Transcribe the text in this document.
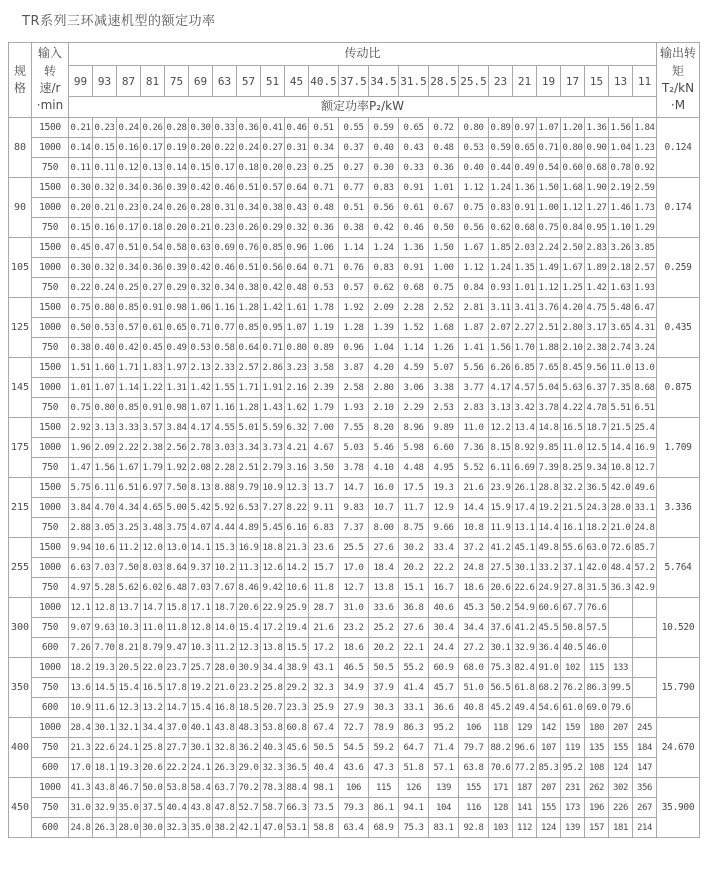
TR系列三环减速机型的额定功率
规
格	输入
转
速/r
·min	传动比																							输出转
矩
T₂/kN
·M
		99	93	87	81	75	69	63	57	51	45	40.5	37.5	34.5	31.5	28.5	25.5	23	21	19	17	15	13	11	
		额定功率P₂/kW																							
80	1500	0.21	0.23	0.24	0.26	0.28	0.30	0.33	0.36	0.41	0.46	0.51	0.55	0.59	0.65	0.72	0.80	0.89	0.97	1.07	1.20	1.36	1.56	1.84	0.124
	1000	0.14	0.15	0.16	0.17	0.19	0.20	0.22	0.24	0.27	0.31	0.34	0.37	0.40	0.43	0.48	0.53	0.59	0.65	0.71	0.80	0.90	1.04	1.23	
	750	0.11	0.11	0.12	0.13	0.14	0.15	0.17	0.18	0.20	0.23	0.25	0.27	0.30	0.33	0.36	0.40	0.44	0.49	0.54	0.60	0.68	0.78	0.92	
90	1500	0.30	0.32	0.34	0.36	0.39	0.42	0.46	0.51	0.57	0.64	0.71	0.77	0.83	0.91	1.01	1.12	1.24	1.36	1.50	1.68	1.90	2.19	2.59	0.174
	1000	0.20	0.21	0.23	0.24	0.26	0.28	0.31	0.34	0.38	0.43	0.48	0.51	0.56	0.61	0.67	0.75	0.83	0.91	1.00	1.12	1.27	1.46	1.73	
	750	0.15	0.16	0.17	0.18	0.20	0.21	0.23	0.26	0.29	0.32	0.36	0.38	0.42	0.46	0.50	0.56	0.62	0.68	0.75	0.84	0.95	1.10	1.29	
105	1500	0.45	0.47	0.51	0.54	0.58	0.63	0.69	0.76	0.85	0.96	1.06	1.14	1.24	1.36	1.50	1.67	1.85	2.03	2.24	2.50	2.83	3.26	3.85	0.259
	1000	0.30	0.32	0.34	0.36	0.39	0.42	0.46	0.51	0.56	0.64	0.71	0.76	0.83	0.91	1.00	1.12	1.24	1.35	1.49	1.67	1.89	2.18	2.57	
	750	0.22	0.24	0.25	0.27	0.29	0.32	0.34	0.38	0.42	0.48	0.53	0.57	0.62	0.68	0.75	0.84	0.93	1.01	1.12	1.25	1.42	1.63	1.93	
125	1500	0.75	0.80	0.85	0.91	0.98	1.06	1.16	1.28	1.42	1.61	1.78	1.92	2.09	2.28	2.52	2.81	3.11	3.41	3.76	4.20	4.75	5.48	6.47	0.435
	1000	0.50	0.53	0.57	0.61	0.65	0.71	0.77	0.85	0.95	1.07	1.19	1.28	1.39	1.52	1.68	1.87	2.07	2.27	2.51	2.80	3.17	3.65	4.31	
	750	0.38	0.40	0.42	0.45	0.49	0.53	0.58	0.64	0.71	0.80	0.89	0.96	1.04	1.14	1.26	1.41	1.56	1.70	1.88	2.10	2.38	2.74	3.24	
145	1500	1.51	1.60	1.71	1.83	1.97	2.13	2.33	2.57	2.86	3.23	3.58	3.87	4.20	4.59	5.07	5.56	6.26	6.85	7.65	8.45	9.56	11.0	13.0	0.875
	1000	1.01	1.07	1.14	1.22	1.31	1.42	1.55	1.71	1.91	2.16	2.39	2.58	2.80	3.06	3.38	3.77	4.17	4.57	5.04	5.63	6.37	7.35	8.68	
	750	0.75	0.80	0.85	0.91	0.98	1.07	1.16	1.28	1.43	1.62	1.79	1.93	2.10	2.29	2.53	2.83	3.13	3.42	3.78	4.22	4.78	5.51	6.51	
175	1500	2.92	3.13	3.33	3.57	3.84	4.17	4.55	5.01	5.59	6.32	7.00	7.55	8.20	8.96	9.89	11.0	12.2	13.4	14.8	16.5	18.7	21.5	25.4	1.709
	1000	1.96	2.09	2.22	2.38	2.56	2.78	3.03	3.34	3.73	4.21	4.67	5.03	5.46	5.98	6.60	7.36	8.15	8.92	9.85	11.0	12.5	14.4	16.9	
	750	1.47	1.56	1.67	1.79	1.92	2.08	2.28	2.51	2.79	3.16	3.50	3.78	4.10	4.48	4.95	5.52	6.11	6.69	7.39	8.25	9.34	10.8	12.7	
215	1500	5.75	6.11	6.51	6.97	7.50	8.13	8.88	9.79	10.9	12.3	13.7	14.7	16.0	17.5	19.3	21.6	23.9	26.1	28.8	32.2	36.5	42.0	49.6	3.336
	1000	3.84	4.70	4.34	4.65	5.00	5.42	5.92	6.53	7.27	8.22	9.11	9.83	10.7	11.7	12.9	14.4	15.9	17.4	19.2	21.5	24.3	28.0	33.1	
	750	2.88	3.05	3.25	3.48	3.75	4.07	4.44	4.89	5.45	6.16	6.83	7.37	8.00	8.75	9.66	10.8	11.9	13.1	14.4	16.1	18.2	21.0	24.8	
255	1500	9.94	10.6	11.2	12.0	13.0	14.1	15.3	16.9	18.8	21.3	23.6	25.5	27.6	30.2	33.4	37.2	41.2	45.1	49.8	55.6	63.0	72.6	85.7	5.764
	1000	6.63	7.03	7.50	8.03	8.64	9.37	10.2	11.3	12.6	14.2	15.7	17.0	18.4	20.2	22.2	24.8	27.5	30.1	33.2	37.1	42.0	48.4	57.2	
	750	4.97	5.28	5.62	6.02	6.48	7.03	7.67	8.46	9.42	10.6	11.8	12.7	13.8	15.1	16.7	18.6	20.6	22.6	24.9	27.8	31.5	36.3	42.9	
300	1000	12.1	12.8	13.7	14.7	15.8	17.1	18.7	20.6	22.9	25.9	28.7	31.0	33.6	36.8	40.6	45.3	50.2	54.9	60.6	67.7	76.6			10.520
	750	9.07	9.63	10.3	11.0	11.8	12.8	14.0	15.4	17.2	19.4	21.6	23.2	25.2	27.6	30.4	34.4	37.6	41.2	45.5	50.8	57.5			
	600	7.26	7.70	8.21	8.79	9.47	10.3	11.2	12.3	13.8	15.5	17.2	18.6	20.2	22.1	24.4	27.2	30.1	32.9	36.4	40.5	46.0			
350	1000	18.2	19.3	20.5	22.0	23.7	25.7	28.0	30.9	34.4	38.9	43.1	46.5	50.5	55.2	60.9	68.0	75.3	82.4	91.0	102	115	133		15.790
	750	13.6	14.5	15.4	16.5	17.8	19.2	21.0	23.2	25.8	29.2	32.3	34.9	37.9	41.4	45.7	51.0	56.5	61.8	68.2	76.2	86.3	99.5		
	600	10.9	11.6	12.3	13.2	14.7	15.4	16.8	18.5	20.7	23.3	25.9	27.9	30.3	33.1	36.6	40.8	45.2	49.4	54.6	61.0	69.0	79.6		
400	1000	28.4	30.1	32.1	34.4	37.0	40.1	43.8	48.3	53.8	60.8	67.4	72.7	78.9	86.3	95.2	106	118	129	142	159	180	207	245	24.670
	750	21.3	22.6	24.1	25.8	27.7	30.1	32.8	36.2	40.3	45.6	50.5	54.5	59.2	64.7	71.4	79.7	88.2	96.6	107	119	135	155	184	
	600	17.0	18.1	19.3	20.6	22.2	24.1	26.3	29.0	32.3	36.5	40.4	43.6	47.3	51.8	57.1	63.8	70.6	77.2	85.3	95.2	108	124	147	
450	1000	41.3	43.8	46.7	50.0	53.8	58.4	63.7	70.2	78.3	88.4	98.1	106	115	126	139	155	171	187	207	231	262	302	356	35.900
	750	31.0	32.9	35.0	37.5	40.4	43.8	47.8	52.7	58.7	66.3	73.5	79.3	86.1	94.1	104	116	128	141	155	173	196	226	267	
	600	24.8	26.3	28.0	30.0	32.3	35.0	38.2	42.1	47.0	53.1	58.8	63.4	68.9	75.3	83.1	92.8	103	112	124	139	157	181	214	
